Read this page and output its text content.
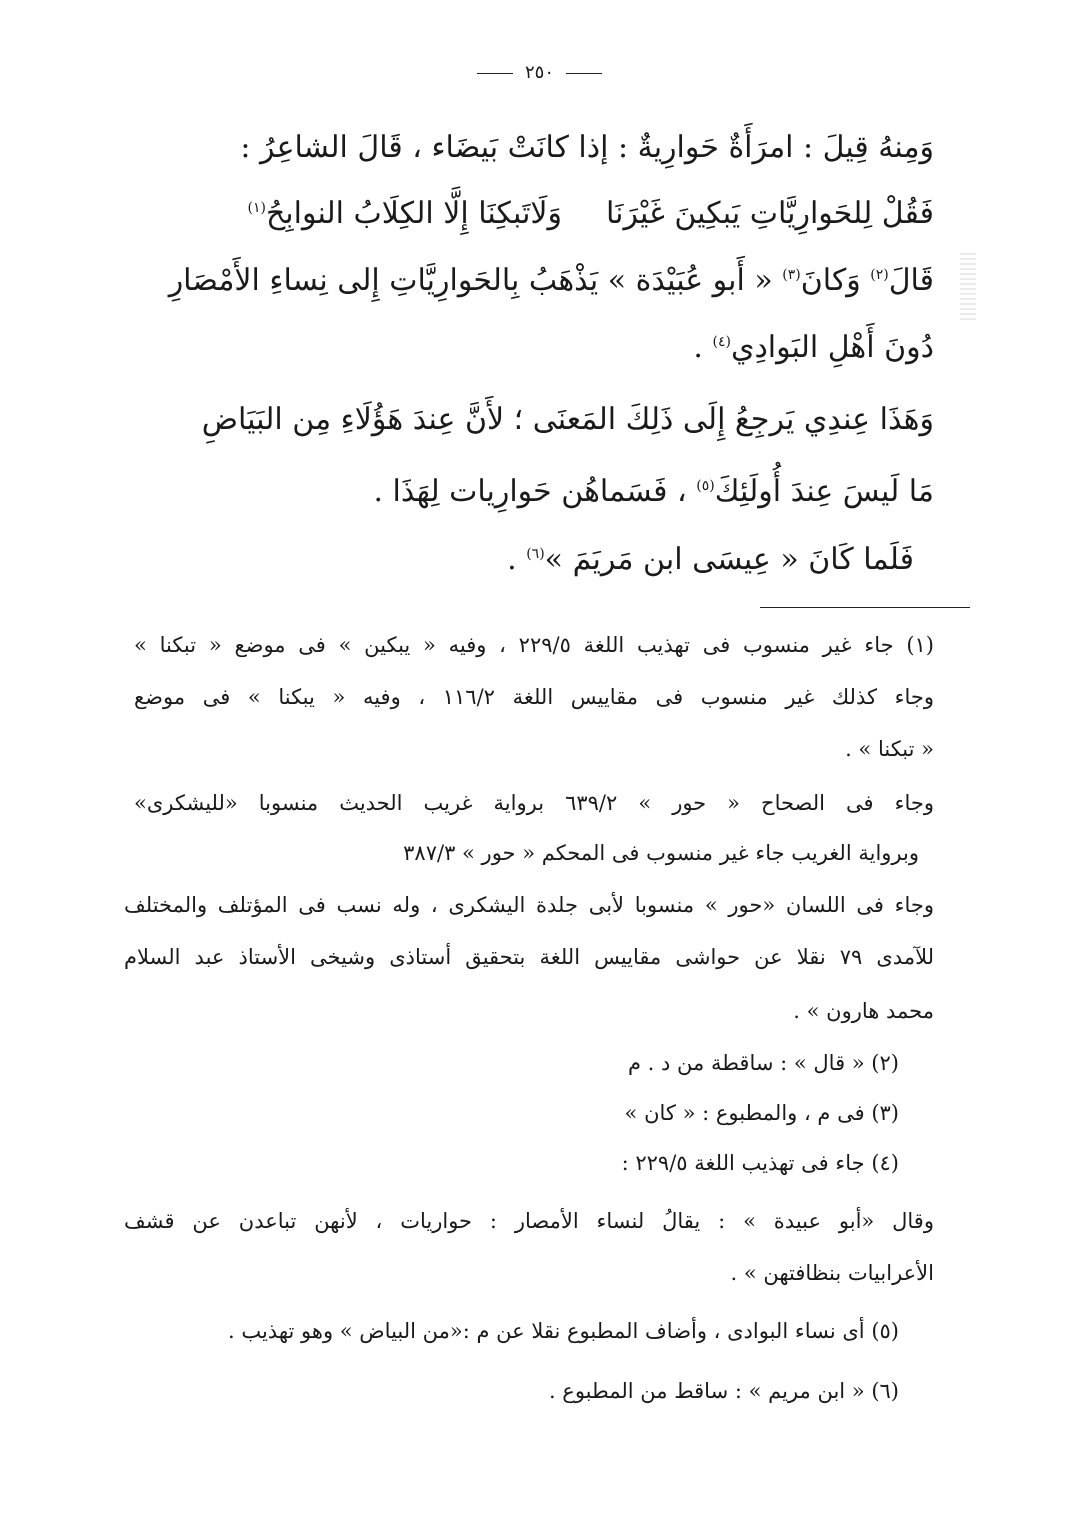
٢٥٠
وَمِنهُ قِيلَ : امرَأَةٌ حَوارِيةٌ : إذا كانَتْ بَيضَاء ، قَالَ الشاعِرُ :
فَقُلْ لِلحَوارِيَّاتِ يَبكِينَ غَيْرَنَاوَلَاتَبكِنَا إِلَّا الكِلَابُ النوابِحُ$^{(١)}$
قَالَ$^{(٢)}$ وَكانَ$^{(٣)}$ « أَبو عُبَيْدَة » يَذْهَبُ بِالحَوارِيَّاتِ إِلى نِساءِ الأَمْصَارِ
دُونَ أَهْلِ البَوادِي$^{(٤)}$ .
وَهَذَا عِندِي يَرجِعُ إِلَى ذَلِكَ المَعنَى ؛ لأَنَّ عِندَ هَؤُلَاءِ مِن البَيَاضِ
مَا لَيسَ عِندَ أُولَئِكَ$^{(٥)}$ ، فَسَماهُن حَوارِيات لِهَذَا .
فَلَما كَانَ « عِيسَى ابن مَريَمَ »$^{(٦)}$ .
(١) جاء غير منسوب فى تهذيب اللغة ٢٢٩/٥ ، وفيه « يبكين » فى موضع « تبكنا »
وجاء كذلك غير منسوب فى مقاييس اللغة ١١٦/٢ ، وفيه « يبكنا » فى موضع
« تبكنا » .
وجاء فى الصحاح « حور » ٦٣٩/٢ برواية غريب الحديث منسوبا «لليشكرى»
وبرواية الغريب جاء غير منسوب فى المحكم « حور » ٣٨٧/٣
وجاء فى اللسان «حور » منسوبا لأبى جلدة اليشكرى ، وله نسب فى المؤتلف والمختلف
للآمدى ٧٩ نقلا عن حواشى مقاييس اللغة بتحقيق أستاذى وشيخى الأستاذ عبد السلام
محمد هارون » .
(٢) « قال » : ساقطة من د . م
(٣) فى م ، والمطبوع : « كان »
(٤) جاء فى تهذيب اللغة ٢٢٩/٥ :
وقال «أبو عبيدة » : يقالُ لنساء الأمصار : حواريات ، لأنهن تباعدن عن قشف
الأعرابيات بنظافتهن » .
(٥) أى نساء البوادى ، وأضاف المطبوع نقلا عن م :«من البياض » وهو تهذيب .
(٦) « ابن مريم » : ساقط من المطبوع .
